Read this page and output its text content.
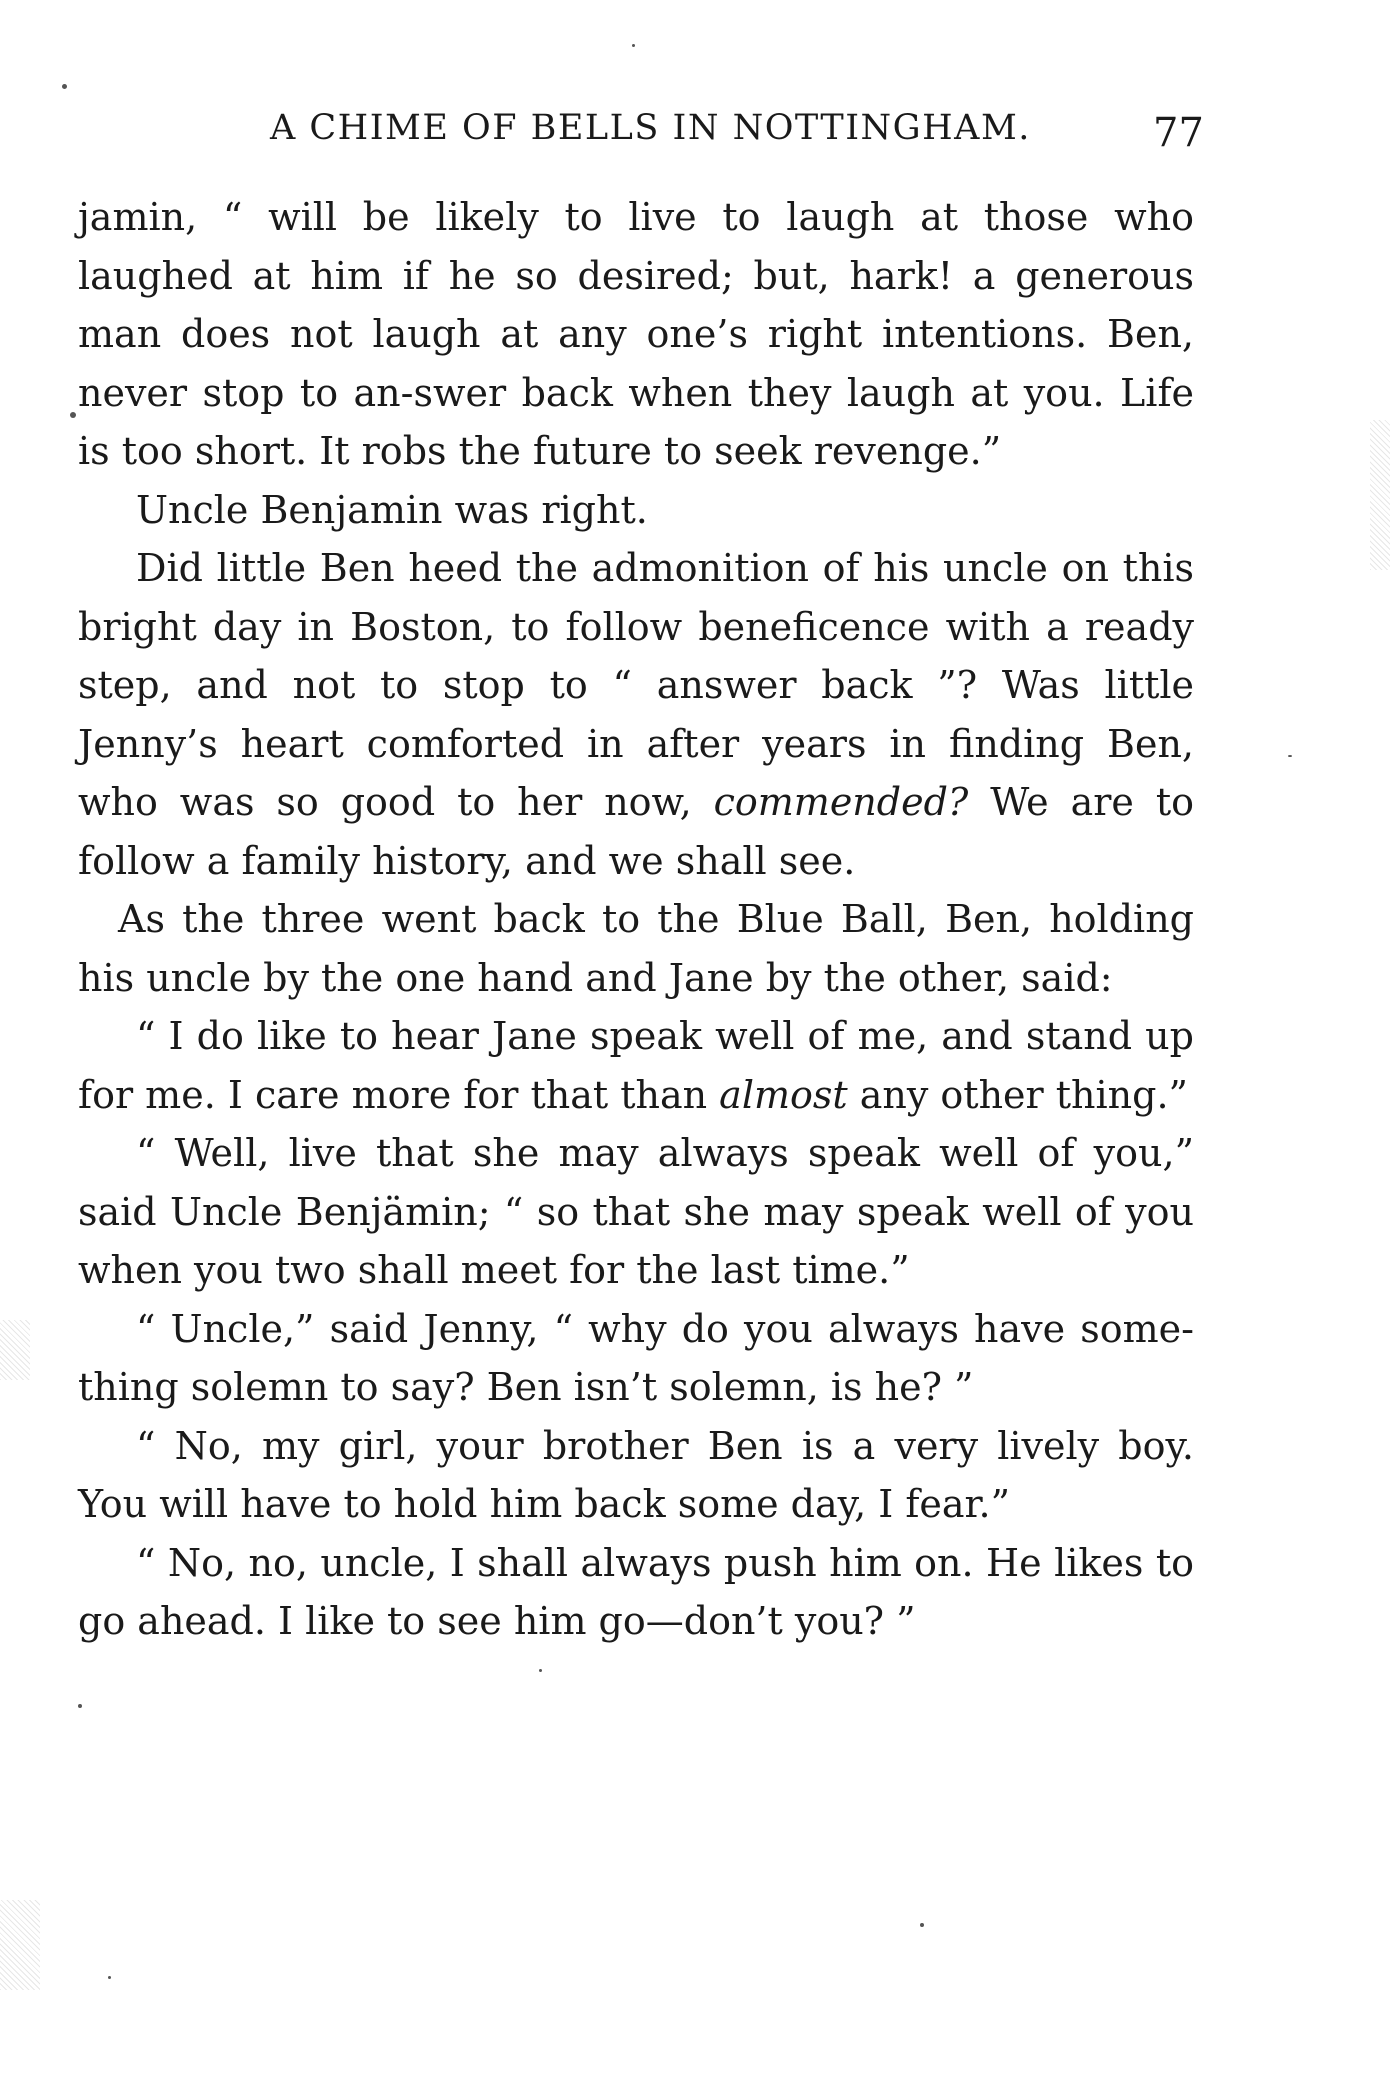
A CHIME OF BELLS IN NOTTINGHAM.	77

jamin, “ will be likely to live to laugh at those who laughed at him if he so desired; but, hark! a generous man does not laugh at any one’s right intentions. Ben, never stop to an-swer back when they laugh at you. Life is too short. It robs the future to seek revenge.”

Uncle Benjamin was right.

Did little Ben heed the admonition of his uncle on this bright day in Boston, to follow beneficence with a ready step, and not to stop to “ answer back ”? Was little Jenny’s heart comforted in after years in finding Ben, who was so good to her now, commended? We are to follow a family history, and we shall see.

As the three went back to the Blue Ball, Ben, holding his uncle by the one hand and Jane by the other, said:

“ I do like to hear Jane speak well of me, and stand up for me. I care more for that than almost any other thing.”

“ Well, live that she may always speak well of you,” said Uncle Benjämin; “ so that she may speak well of you when you two shall meet for the last time.”

“ Uncle,” said Jenny, “ why do you always have some-thing solemn to say? Ben isn’t solemn, is he? ”

“ No, my girl, your brother Ben is a very lively boy. You will have to hold him back some day, I fear.”

“ No, no, uncle, I shall always push him on. He likes to go ahead. I like to see him go—don’t you? ”
